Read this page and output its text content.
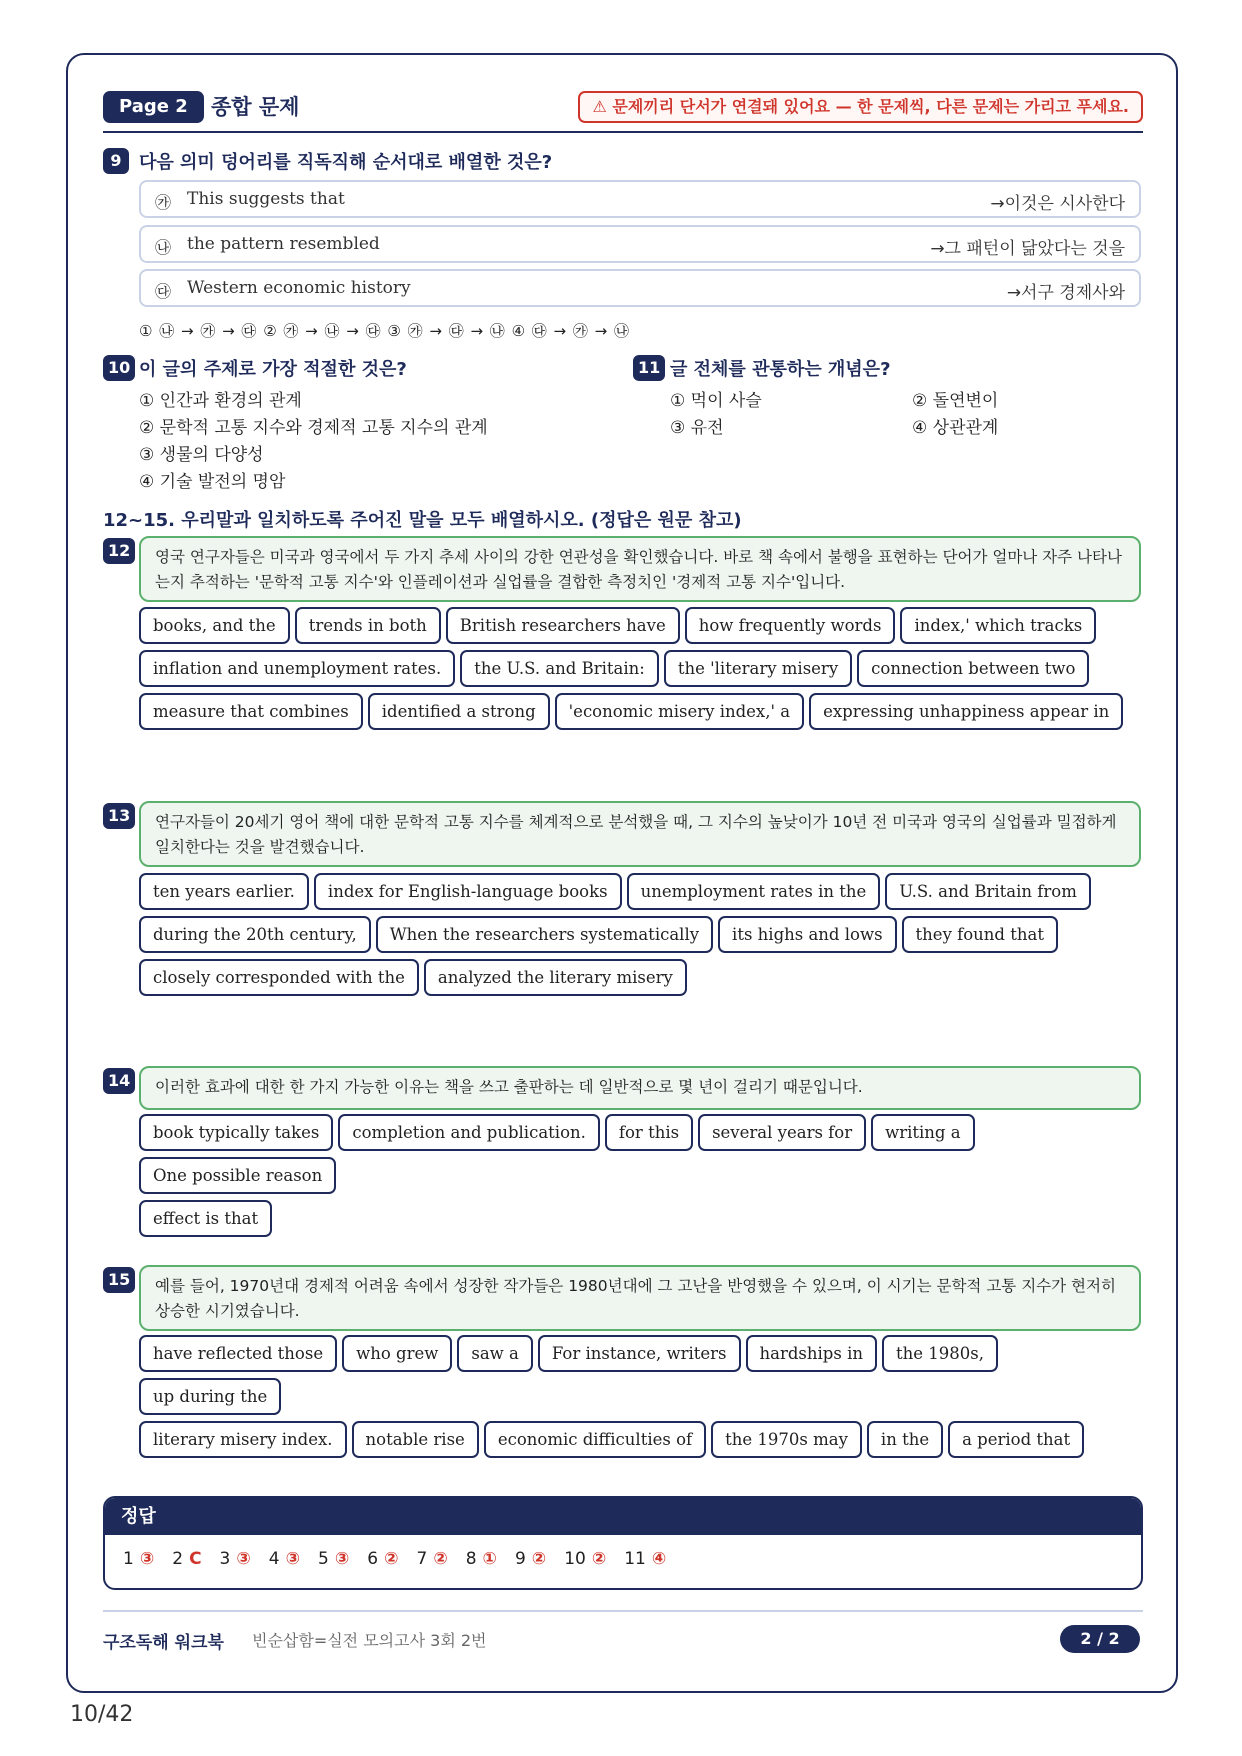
Page 2	종합 문제	⚠ 문제끼리 단서가 연결돼 있어요 — 한 문제씩, 다른 문제는 가리고 푸세요.
9 다음 의미 덩어리를 직독직해 순서대로 배열한 것은?
㉮ This suggests that	→이것은 시사한다
㉯ the pattern resembled	→그 패턴이 닮았다는 것을
㉰ Western economic history	→서구 경제사와
① ㉯ → ㉮ → ㉰ ② ㉮ → ㉯ → ㉰ ③ ㉮ → ㉰ → ㉯ ④ ㉰ → ㉮ → ㉯
10 이 글의 주제로 가장 적절한 것은?
① 인간과 환경의 관계
② 문학적 고통 지수와 경제적 고통 지수의 관계
③ 생물의 다양성
④ 기술 발전의 명암
11 글 전체를 관통하는 개념은?
① 먹이 사슬	② 돌연변이
③ 유전	④ 상관관계
12~15. 우리말과 일치하도록 주어진 말을 모두 배열하시오. (정답은 원문 참고)
12	영국 연구자들은 미국과 영국에서 두 가지 추세 사이의 강한 연관성을 확인했습니다. 바로 책 속에서 불행을 표현하는 단어가 얼마나 자주 나타나는지 추적하는 '문학적 고통 지수'와 인플레이션과 실업률을 결합한 측정치인 '경제적 고통 지수'입니다.
books, and the trends in both British researchers have how frequently words index,' which tracks
inflation and unemployment rates. the U.S. and Britain: the 'literary misery connection between two
measure that combines identified a strong 'economic misery index,' a expressing unhappiness appear in
13	연구자들이 20세기 영어 책에 대한 문학적 고통 지수를 체계적으로 분석했을 때, 그 지수의 높낮이가 10년 전 미국과 영국의 실업률과 밀접하게 일치한다는 것을 발견했습니다.
ten years earlier. index for English-language books unemployment rates in the U.S. and Britain from
during the 20th century, When the researchers systematically its highs and lows they found that
closely corresponded with the analyzed the literary misery
14	이러한 효과에 대한 한 가지 가능한 이유는 책을 쓰고 출판하는 데 일반적으로 몇 년이 걸리기 때문입니다.
book typically takes completion and publication. for this several years for writing aOne possible reason
effect is that
15	예를 들어, 1970년대 경제적 어려움 속에서 성장한 작가들은 1980년대에 그 고난을 반영했을 수 있으며, 이 시기는 문학적 고통 지수가 현저히 상승한 시기였습니다.
have reflected those who grew saw a For instance, writers hardships in the 1980s,up during the
literary misery index. notable rise economic difficulties of the 1970s may in the a period that
정답
1 ③ 2 C 3 ③ 4 ③ 5 ③ 6 ② 7 ② 8 ① 9 ② 10 ② 11 ④
구조독해 워크북 빈순삽함=실전 모의고사 3회 2번	2 / 2
10/42
